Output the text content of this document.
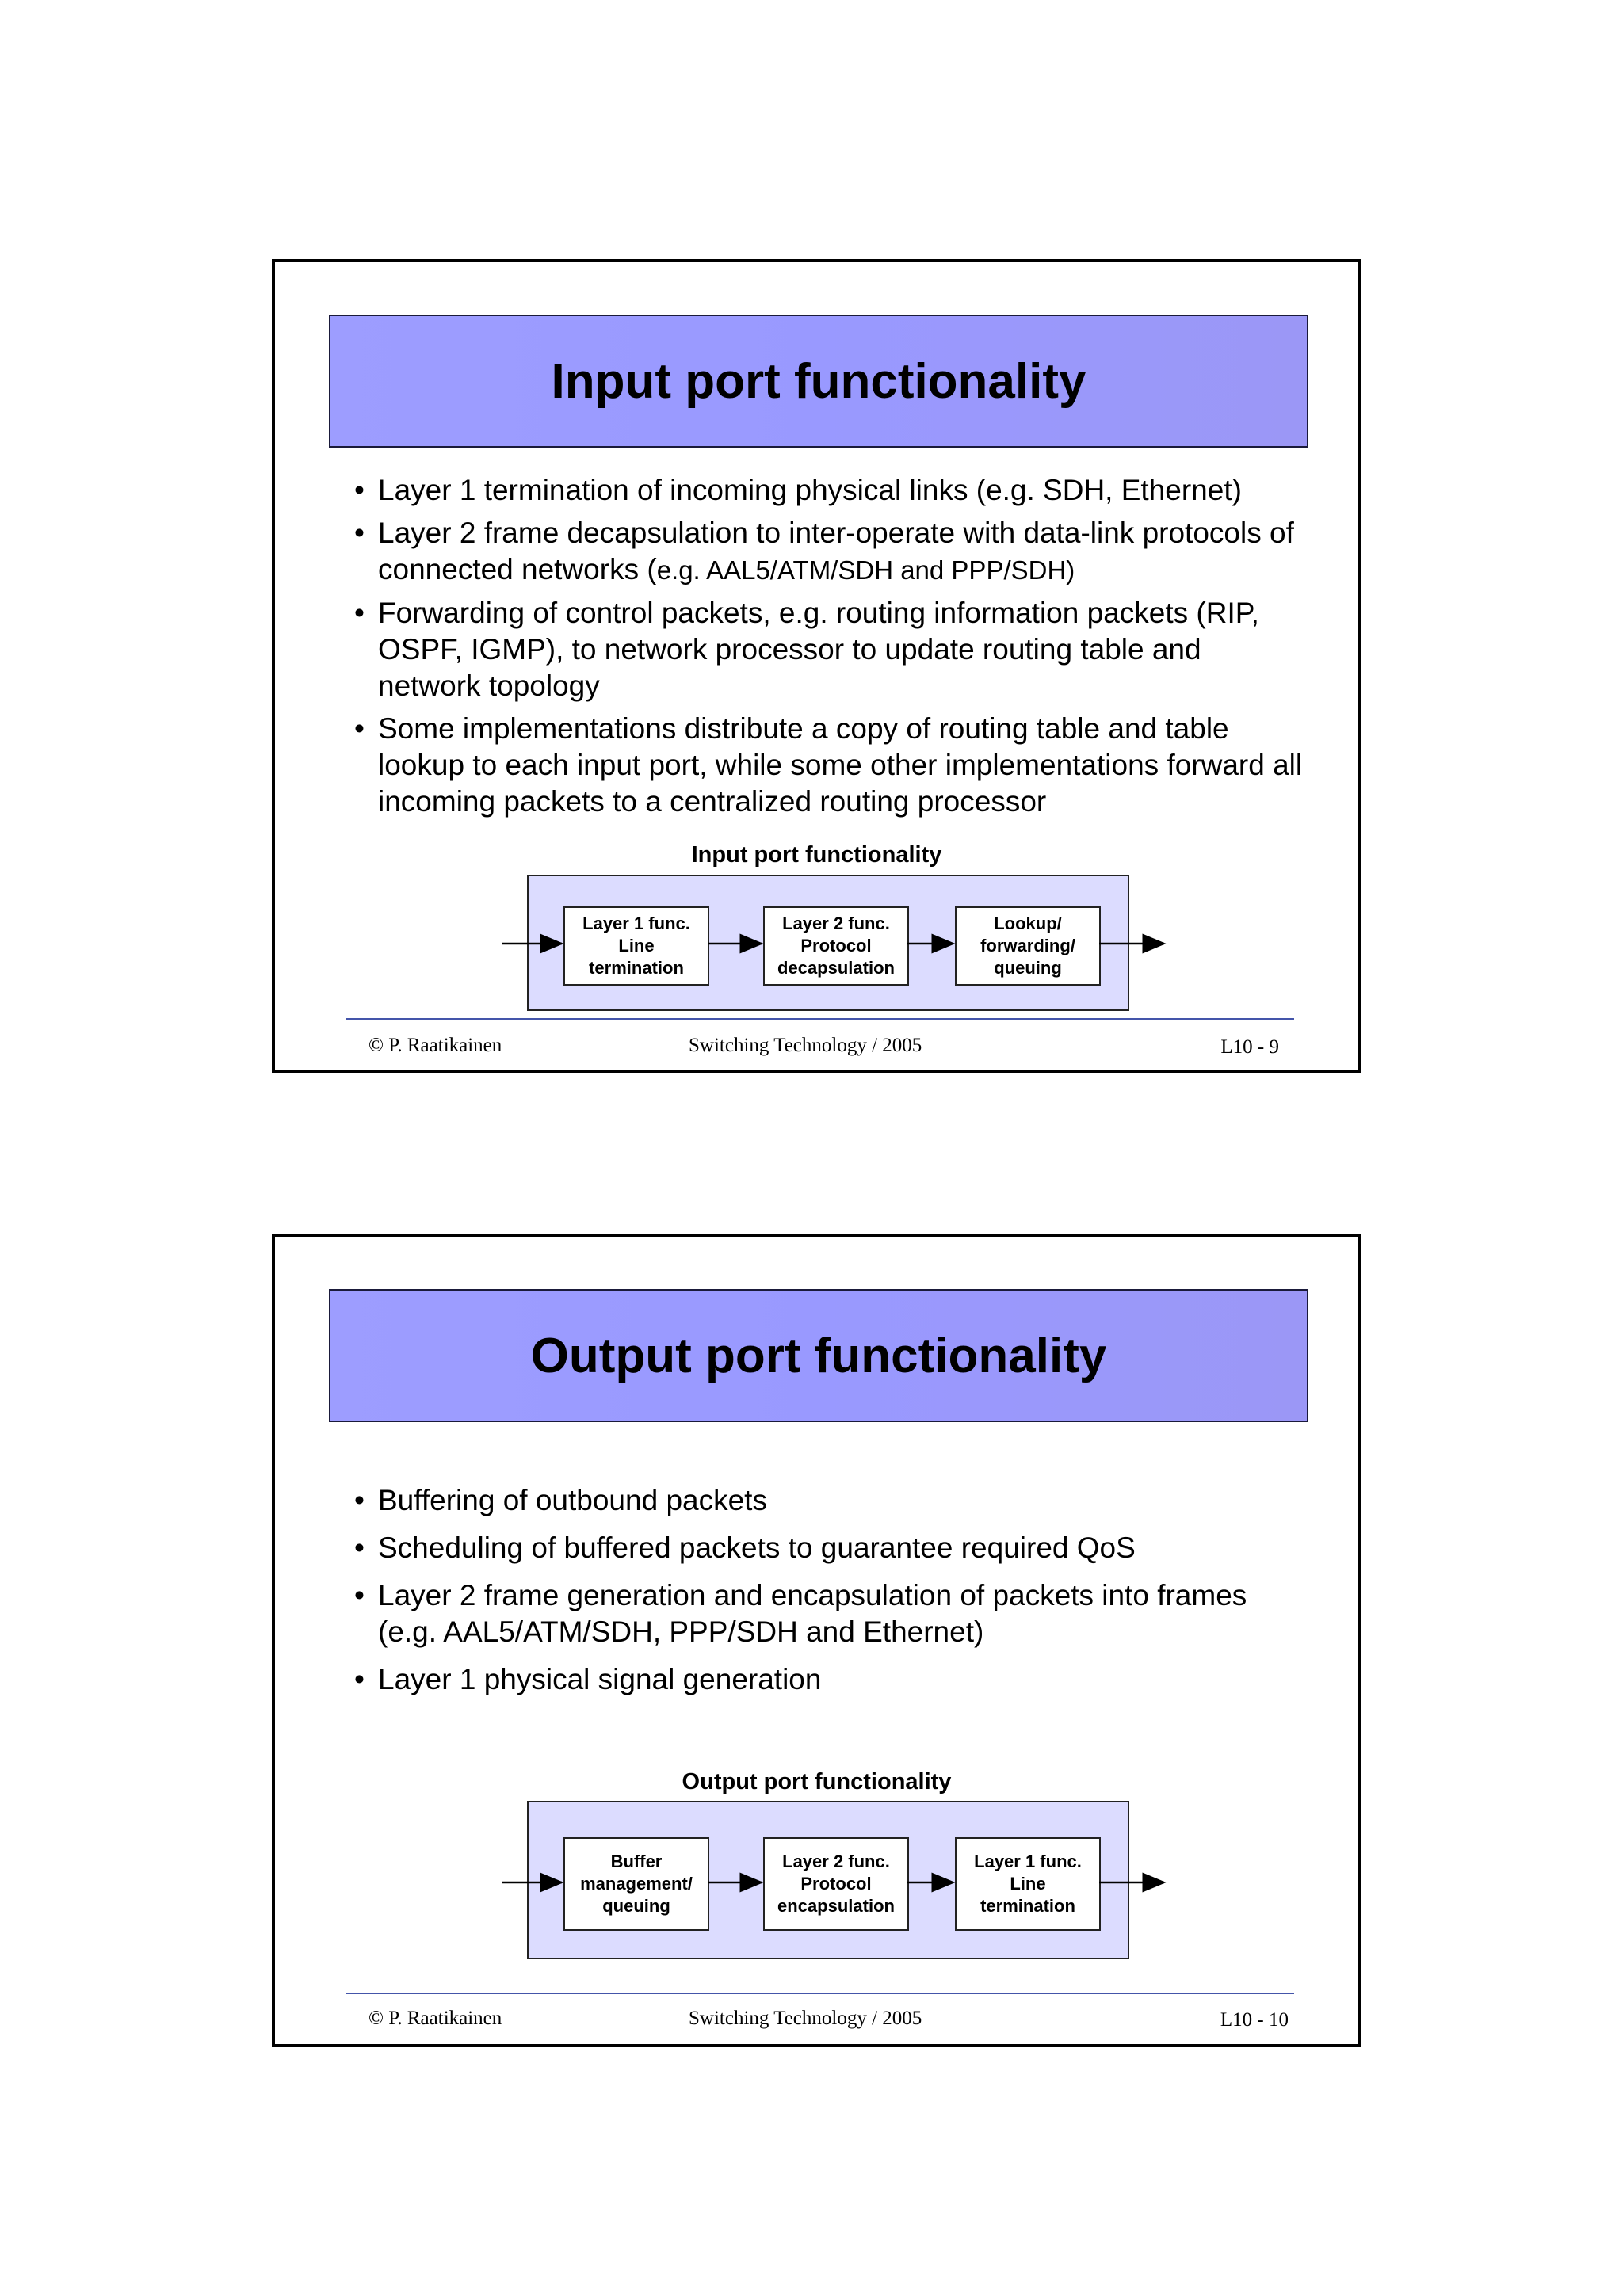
Input port functionality
• Layer 1 termination of incoming physical links (e.g. SDH, Ethernet)
• Layer 2 frame decapsulation to inter-operate with data-link protocols of connected networks (e.g. AAL5/ATM/SDH and PPP/SDH)
• Forwarding of control packets, e.g. routing information packets (RIP, OSPF, IGMP), to network processor to update routing table and network topology
• Some implementations distribute a copy of routing table and table lookup to each input port, while some other implementations forward all incoming packets to a centralized routing processor
Input port functionality
Layer 1 func.
Line
termination
Layer 2 func.
Protocol
decapsulation
Lookup/
forwarding/
queuing
© P. Raatikainen	Switching Technology / 2005	L10 - 9
Output port functionality
• Buffering of outbound packets
• Scheduling of buffered packets to guarantee required QoS
• Layer 2 frame generation and encapsulation of packets into frames (e.g. AAL5/ATM/SDH, PPP/SDH and Ethernet)
• Layer 1 physical signal generation
Output port functionality
Buffer
management/
queuing
Layer 2 func.
Protocol
encapsulation
Layer 1 func.
Line
termination
© P. Raatikainen	Switching Technology / 2005	L10 - 10
